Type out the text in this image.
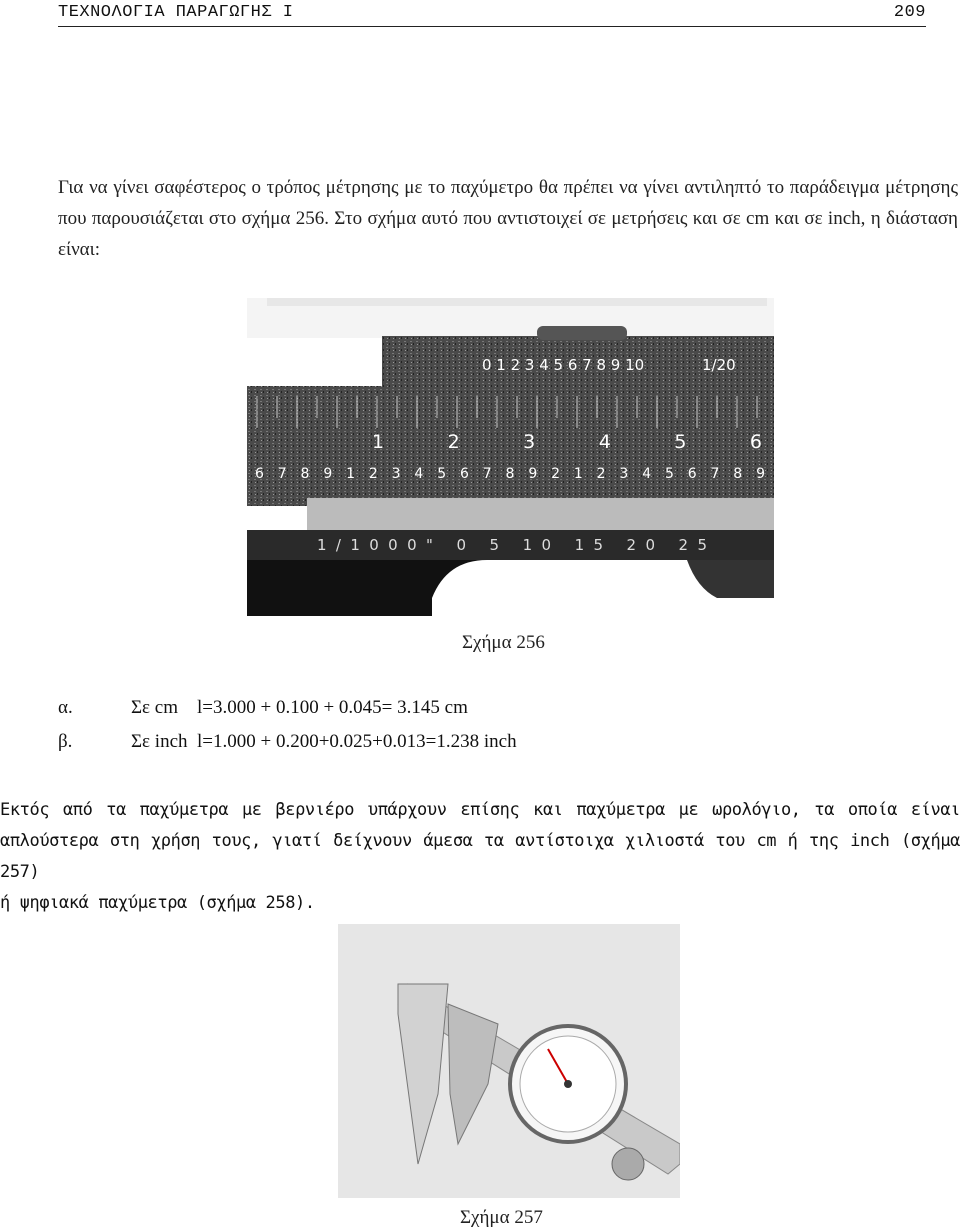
ΤΕΧΝΟΛΟΓΙΑ ΠΑΡΑΓΩΓΗΣ Ι	209

Για να γίνει σαφέστερος ο τρόπος μέτρησης με το παχύμετρο θα πρέπει να γίνει αντιληπτό το παράδειγμα μέτρησης που παρουσιάζεται στο σχήμα 256. Στο σχήμα αυτό που αντιστοιχεί σε μετρήσεις και σε cm και σε inch, η διάσταση είναι:

0 1 2 3 4 5 6 7 8 9 10	1/20
1 2 3 4 5 6
6 7 8 9 1 2 3 4 5 6 7 8 9 2 1 2 3 4 5 6 7 8 9
1/1000" 0 5 10 15 20 25
Σχήμα 256
α.	Σε cm    l=3.000 + 0.100 + 0.045= 3.145 cm
β.	Σε inch  l=1.000 + 0.200+0.025+0.013=1.238 inch
Εκτός από τα παχύμετρα με βερνιέρο υπάρχουν επίσης και παχύμετρα με ωρολόγιο, τα οποία είναι απλούστερα στη χρήση τους, γιατί δείχνουν άμεσα τα αντίστοιχα χιλιοστά του cm ή της inch (σχήμα 257)
ή ψηφιακά παχύμετρα (σχήμα 258).
Σχήμα 257
